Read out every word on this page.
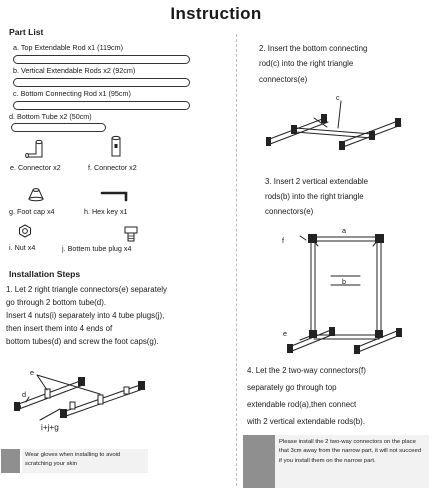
Instruction
Part List
a. Top Extendable Rod x1 (119cm)
b. Vertical Extendable Rods x2 (92cm)
c. Bottom Connecting Rod x1 (95cm)
d. Bottom Tube x2 (50cm)
e. Connector x2	f. Connector x2
g. Foot cap x4	h. Hex key x1
i. Nut x4	j. Bottem tube plug x4
Installation Steps
1. Let 2 right triangle connectors(e) separately
go through 2 bottom tube(d).
Insert 4 nuts(i) separately into 4 tube plugs(j),
then insert them into 4 ends of
bottom tubes(d) and screw the foot caps(g).
e
d
i+j+g
Wear gloves when installing to avoid scratching your skin
2. Insert the bottom connecting
rod(c) into the right triangle
connectors(e)
c
3. Insert 2 vertical extendable
rods(b) into the right triangle
connectors(e)
a
f
b
e
4. Let the 2 two-way connectors(f)
separately go through top
extendable rod(a),then connect
with 2 vertical extendable rods(b).
Please install the 2 two-way connectors on the place that 3cm away from the narrow part, it will not succeed if you install them on the narrow part.
